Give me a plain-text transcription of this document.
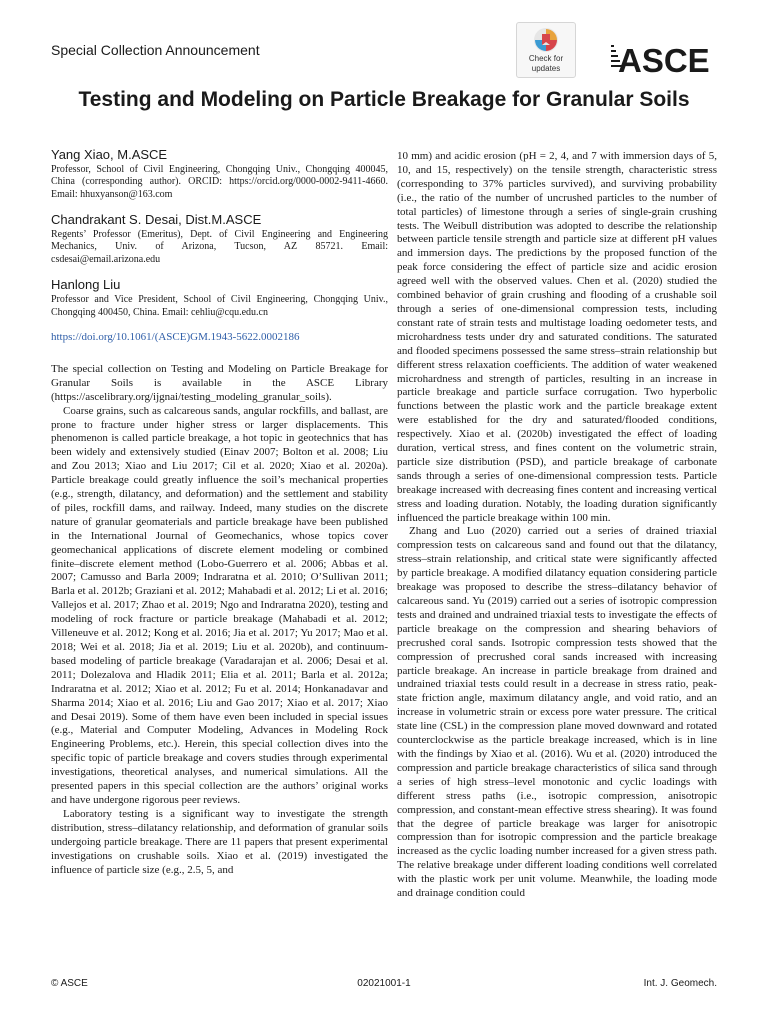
Special Collection Announcement
Check for
updates ASCE
Testing and Modeling on Particle Breakage for Granular Soils
Yang Xiao, M.ASCE

Professor, School of Civil Engineering, Chongqing Univ., Chongqing 400045, China (corresponding author). ORCID: https://orcid.org/0000-0002-9411-4660. Email: hhuxyanson@163.com

Chandrakant S. Desai, Dist.M.ASCE

Regents’ Professor (Emeritus), Dept. of Civil Engineering and Engineering Mechanics, Univ. of Arizona, Tucson, AZ 85721. Email: csdesai@email.arizona.edu

Hanlong Liu

Professor and Vice President, School of Civil Engineering, Chongqing Univ., Chongqing 400450, China. Email: cehliu@cqu.edu.cn

https://doi.org/10.1061/(ASCE)GM.1943-5622.0002186

The special collection on Testing and Modeling on Particle Breakage for Granular Soils is available in the ASCE Library (https://ascelibrary.org/ijgnai/testing_modeling_granular_soils).

Coarse grains, such as calcareous sands, angular rockfills, and ballast, are prone to fracture under higher stress or larger displacements. This phenomenon is called particle breakage, a hot topic in geotechnics that has been widely and extensively studied (Einav 2007; Bolton et al. 2008; Liu and Zou 2013; Xiao and Liu 2017; Cil et al. 2020; Xiao et al. 2020a). Particle breakage could greatly influence the soil’s mechanical properties (e.g., strength, dilatancy, and deformation) and the settlement and stability of piles, rockfill dams, and railway. Indeed, many studies on the discrete nature of granular geomaterials and particle breakage have been published in the International Journal of Geomechanics, whose topics cover geomechanical applications of discrete element modeling or combined finite–discrete element method (Lobo-Guerrero et al. 2006; Abbas et al. 2007; Camusso and Barla 2009; Indraratna et al. 2010; O’Sullivan 2011; Barla et al. 2012b; Graziani et al. 2012; Mahabadi et al. 2012; Li et al. 2016; Vallejos et al. 2017; Zhao et al. 2019; Ngo and Indraratna 2020), testing and modeling of rock fracture or particle breakage (Mahabadi et al. 2012; Villeneuve et al. 2012; Kong et al. 2016; Jia et al. 2017; Yu 2017; Mao et al. 2018; Wei et al. 2018; Jia et al. 2019; Liu et al. 2020b), and continuum-based modeling of particle breakage (Varadarajan et al. 2006; Desai et al. 2011; Dolezalova and Hladik 2011; Elia et al. 2011; Barla et al. 2012a; Indraratna et al. 2012; Xiao et al. 2012; Fu et al. 2014; Honkanadavar and Sharma 2014; Xiao et al. 2016; Liu and Gao 2017; Xiao et al. 2017; Xiao and Desai 2019). Some of them have even been included in special issues (e.g., Material and Computer Modeling, Advances in Modeling Rock Engineering Problems, etc.). Herein, this special collection dives into the specific topic of particle breakage and covers studies through experimental investigations, theoretical analyses, and numerical simulations. All the presented papers in this special collection are the authors’ original works and have undergone rigorous peer reviews.

Laboratory testing is a significant way to investigate the strength distribution, stress–dilatancy relationship, and deformation of granular soils undergoing particle breakage. There are 11 papers that present experimental investigations on crushable soils. Xiao et al. (2019) investigated the influence of particle size (e.g., 2.5, 5, and

10 mm) and acidic erosion (pH = 2, 4, and 7 with immersion days of 5, 10, and 15, respectively) on the tensile strength, characteristic stress (corresponding to 37% particles survived), and surviving probability (i.e., the ratio of the number of uncrushed particles to the number of total particles) of limestone through a series of single-grain crushing tests. The Weibull distribution was adopted to describe the relationship between particle tensile strength and particle size at different pH values and immersion days. The predictions by the proposed function of the peak force considering the effect of particle size and acidic erosion agreed well with the observed values. Chen et al. (2020) studied the combined behavior of grain crushing and flooding of a crushable soil through a series of one-dimensional compression tests, including constant rate of strain tests and multistage loading oedometer tests, and microhardness tests under dry and saturated conditions. The saturated and flooded specimens possessed the same stress–strain relationship but different stress relaxation coefficients. The addition of water weakened microhardness and strength of particles, resulting in an increase in particle breakage and particle surface corrugation. Two hyperbolic functions between the plastic work and the particle breakage extent were established for the dry and saturated/flooded conditions, respectively. Xiao et al. (2020b) investigated the effect of loading duration, vertical stress, and fines content on the volumetric strain, particle size distribution (PSD), and particle breakage of carbonate sands through a series of one-dimensional compression tests. Particle breakage increased with decreasing fines content and increasing vertical stress and loading duration. Notably, the loading duration significantly influenced the particle breakage within 100 min.

Zhang and Luo (2020) carried out a series of drained triaxial compression tests on calcareous sand and found out that the dilatancy, stress–strain relationship, and critical state were significantly affected by particle breakage. A modified dilatancy equation considering particle breakage was proposed to describe the stress–dilatancy behavior of calcareous sand. Yu (2019) carried out a series of isotropic compression tests and drained and undrained triaxial tests to investigate the effects of particle breakage on the compression and shearing behaviors of precrushed coral sands. Isotropic compression tests showed that the compression of precrushed coral sands increased with increasing particle breakage. An increase in particle breakage from drained and undrained triaxial tests could result in a decrease in stress ratio, peak-state friction angle, maximum dilatancy angle, and void ratio, and an increase in volumetric strain or excess pore water pressure. The critical state line (CSL) in the compression plane moved downward and rotated counterclockwise as the particle breakage increased, which is in line with the findings by Xiao et al. (2016). Wu et al. (2020) introduced the compression and particle breakage characteristics of silica sand through a series of high stress–level monotonic and cyclic loadings with different stress paths (i.e., isotropic compression, anisotropic compression, and constant-mean effective stress shearing). It was found that the degree of particle breakage was larger for anisotropic compression than for isotropic compression and the particle breakage increased as the cyclic loading number increased for a given stress path. The relative breakage under different loading conditions well correlated with the plastic work per unit volume. Meanwhile, the loading mode and drainage condition could

© ASCE	02021001-1	Int. J. Geomech.
